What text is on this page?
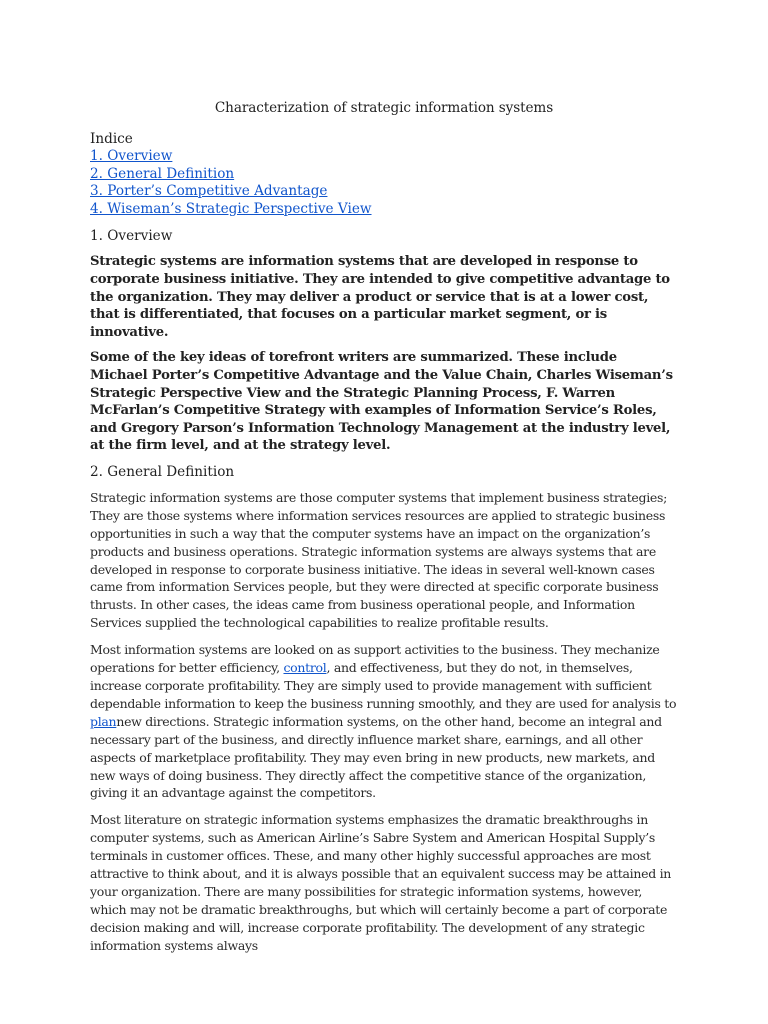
Characterization of strategic information systems
Indice
1. Overview
2. General Definition
3. Porter’s Competitive Advantage
4. Wiseman’s Strategic Perspective View
1. Overview

Strategic systems are information systems that are developed in response to corporate business initiative. They are intended to give competitive advantage to the organization. They may deliver a product or service that is at a lower cost, that is differentiated, that focuses on a particular market segment, or is innovative.

Some of the key ideas of torefront writers are summarized. These include Michael Porter’s Competitive Advantage and the Value Chain, Charles Wiseman’s Strategic Perspective View and the Strategic Planning Process, F. Warren McFarlan’s Competitive Strategy with examples of Information Service’s Roles, and Gregory Parson’s Information Technology Management at the industry level, at the firm level, and at the strategy level.

2. General Definition

Strategic information systems are those computer systems that implement business strategies; They are those systems where information services resources are applied to strategic business opportunities in such a way that the computer systems have an impact on the organization’s products and business operations. Strategic information systems are always systems that are developed in response to corporate business initiative. The ideas in several well-known cases came from information Services people, but they were directed at specific corporate business thrusts. In other cases, the ideas came from business operational people, and Information Services supplied the technological capabilities to realize profitable results.

Most information systems are looked on as support activities to the business. They mechanize operations for better efficiency, control, and effectiveness, but they do not, in themselves, increase corporate profitability. They are simply used to provide management with sufficient dependable information to keep the business running smoothly, and they are used for analysis to plannew directions. Strategic information systems, on the other hand, become an integral and necessary part of the business, and directly influence market share, earnings, and all other aspects of marketplace profitability. They may even bring in new products, new markets, and new ways of doing business. They directly affect the competitive stance of the organization, giving it an advantage against the competitors.

Most literature on strategic information systems emphasizes the dramatic breakthroughs in computer systems, such as American Airline’s Sabre System and American Hospital Supply’s terminals in customer offices. These, and many other highly successful approaches are most attractive to think about, and it is always possible that an equivalent success may be attained in your organization. There are many possibilities for strategic information systems, however, which may not be dramatic breakthroughs, but which will certainly become a part of corporate decision making and will, increase corporate profitability. The development of any strategic information systems always
